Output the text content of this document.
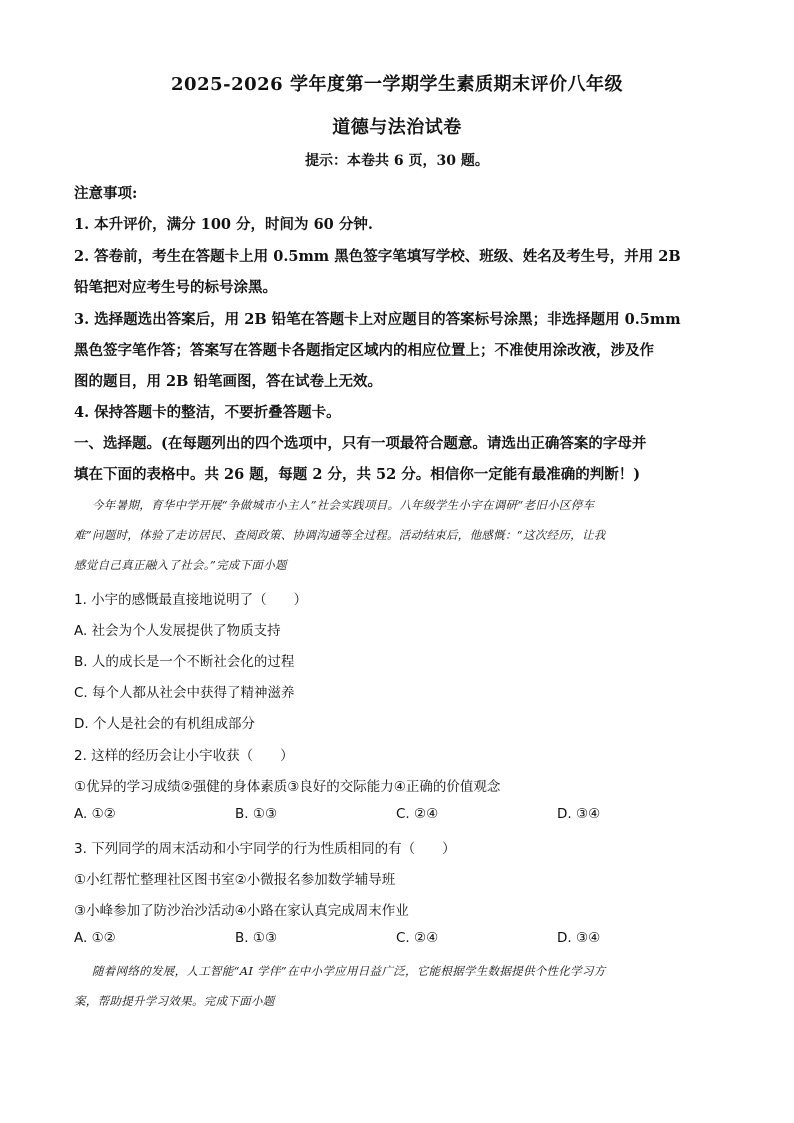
2025-2026 学年度第一学期学生素质期末评价八年级
道德与法治试卷
提示：本卷共 6 页，30 题。
注意事项:
1. 本升评价，满分 100 分，时间为 60 分钟.
2. 答卷前，考生在答题卡上用 0.5mm 黑色签字笔填写学校、班级、姓名及考生号，并用 2B
铅笔把对应考生号的标号涂黑。
3. 选择题选出答案后，用 2B 铅笔在答题卡上对应题目的答案标号涂黑；非选择题用 0.5mm
黑色签字笔作答；答案写在答题卡各题指定区域内的相应位置上；不准使用涂改液，涉及作
图的题目，用 2B 铅笔画图，答在试卷上无效。
4. 保持答题卡的整洁，不要折叠答题卡。
一、选择题。(在每题列出的四个选项中，只有一项最符合题意。请选出正确答案的字母并
填在下面的表格中。共 26 题，每题 2 分，共 52 分。相信你一定能有最准确的判断！)
今年暑期，育华中学开展“争做城市小主人”社会实践项目。八年级学生小宇在调研“老旧小区停车
难”问题时，体验了走访居民、查阅政策、协调沟通等全过程。活动结束后，他感慨：“这次经历，让我
感觉自己真正融入了社会。”完成下面小题
1. 小宇的感慨最直接地说明了（　　）
A. 社会为个人发展提供了物质支持
B. 人的成长是一个不断社会化的过程
C. 每个人都从社会中获得了精神滋养
D. 个人是社会的有机组成部分
2. 这样的经历会让小宇收获（　　）
①优异的学习成绩②强健的身体素质③良好的交际能力④正确的价值观念
A. ①②	B. ①③	C. ②④	D. ③④
3. 下列同学的周末活动和小宇同学的行为性质相同的有（　　）
①小红帮忙整理社区图书室②小微报名参加数学辅导班
③小峰参加了防沙治沙活动④小路在家认真完成周末作业
A. ①②	B. ①③	C. ②④	D. ③④
随着网络的发展，人工智能“AI 学伴”在中小学应用日益广泛，它能根据学生数据提供个性化学习方
案，帮助提升学习效果。完成下面小题
